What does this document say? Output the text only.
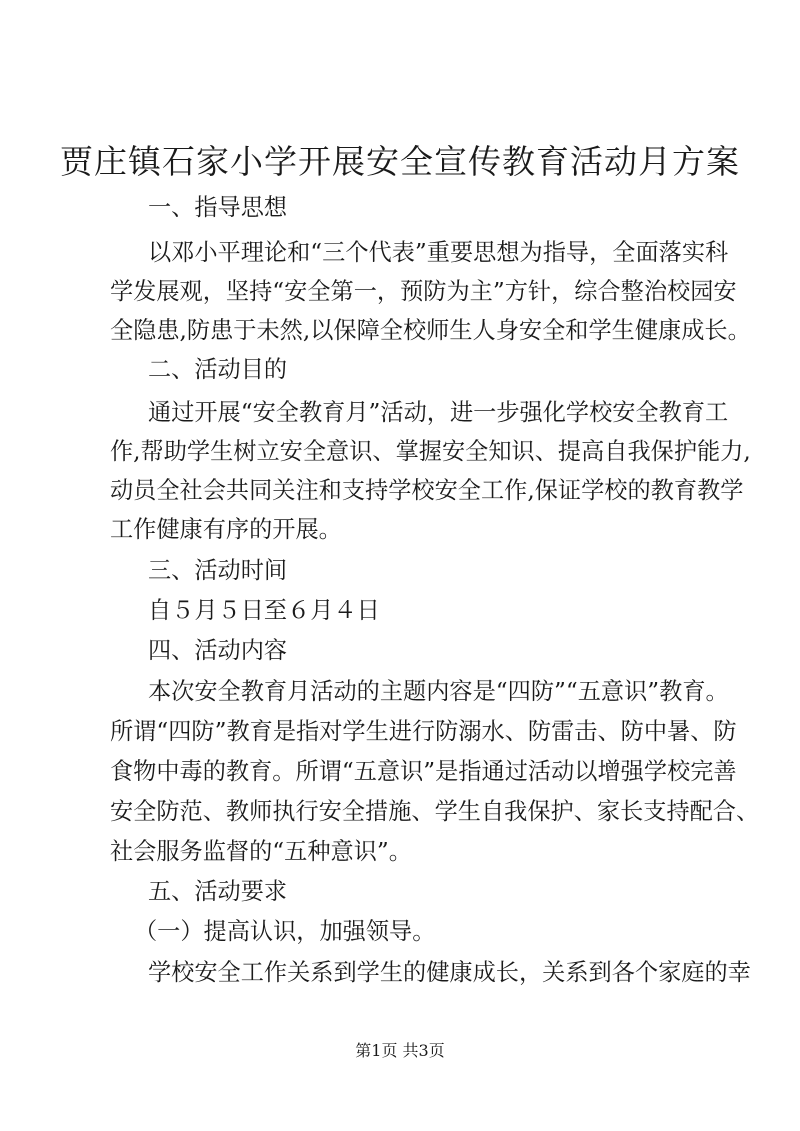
贾庄镇石家小学开展安全宣传教育活动月方案
一、指导思想
以邓小平理论和“三个代表”重要思想为指导，全面落实科
学发展观，坚持“安全第一，预防为主”方针，综合整治校园安
全隐患,防患于未然,以保障全校师生人身安全和学生健康成长。
二、活动目的
通过开展“安全教育月”活动，进一步强化学校安全教育工
作,帮助学生树立安全意识、掌握安全知识、提高自我保护能力,
动员全社会共同关注和支持学校安全工作,保证学校的教育教学
工作健康有序的开展。
三、活动时间
自５月５日至６月４日
四、活动内容
本次安全教育月活动的主题内容是“四防”“五意识”教育。
所谓“四防”教育是指对学生进行防溺水、防雷击、防中暑、防
食物中毒的教育。所谓“五意识”是指通过活动以增强学校完善
安全防范、教师执行安全措施、学生自我保护、家长支持配合、
社会服务监督的“五种意识”。
五、活动要求
（一）提高认识，加强领导。
学校安全工作关系到学生的健康成长，关系到各个家庭的幸
第1页 共3页
